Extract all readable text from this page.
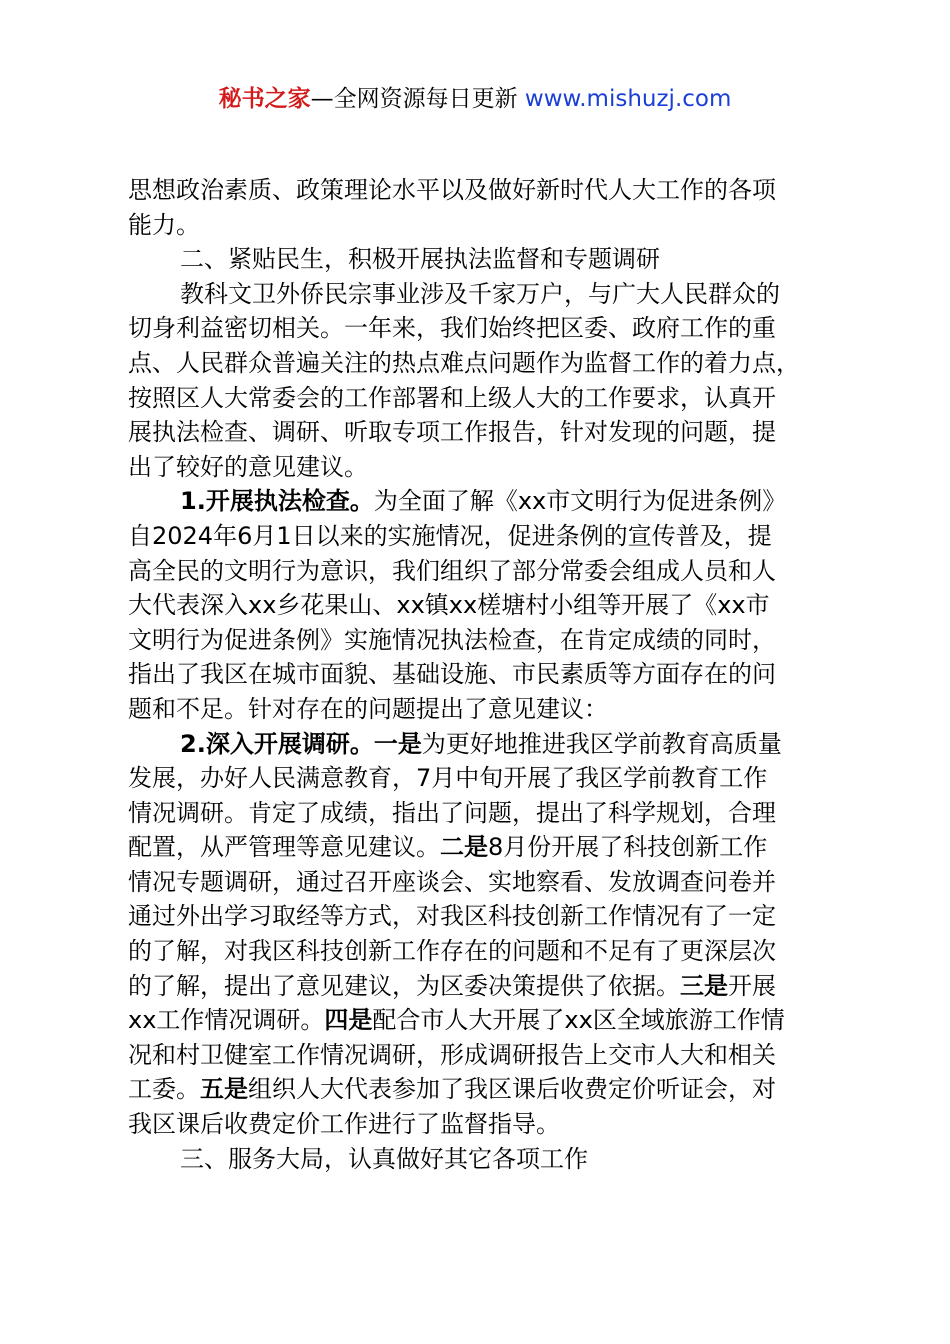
秘书之家—全网资源每日更新 www.mishuzj.com
思想政治素质、政策理论水平以及做好新时代人大工作的各项
能力。
二、紧贴民生，积极开展执法监督和专题调研
教科文卫外侨民宗事业涉及千家万户，与广大人民群众的
切身利益密切相关。一年来，我们始终把区委、政府工作的重
点、人民群众普遍关注的热点难点问题作为监督工作的着力点，
按照区人大常委会的工作部署和上级人大的工作要求，认真开
展执法检查、调研、听取专项工作报告，针对发现的问题，提
出了较好的意见建议。
1.开展执法检查。为全面了解《xx市文明行为促进条例》
自2024年6月1日以来的实施情况，促进条例的宣传普及，提
高全民的文明行为意识，我们组织了部分常委会组成人员和人
大代表深入xx乡花果山、xx镇xx槎塘村小组等开展了《xx市
文明行为促进条例》实施情况执法检查，在肯定成绩的同时，
指出了我区在城市面貌、基础设施、市民素质等方面存在的问
题和不足。针对存在的问题提出了意见建议：
2.深入开展调研。一是为更好地推进我区学前教育高质量
发展，办好人民满意教育，7月中旬开展了我区学前教育工作
情况调研。肯定了成绩，指出了问题，提出了科学规划，合理
配置，从严管理等意见建议。二是8月份开展了科技创新工作
情况专题调研，通过召开座谈会、实地察看、发放调查问卷并
通过外出学习取经等方式，对我区科技创新工作情况有了一定
的了解，对我区科技创新工作存在的问题和不足有了更深层次
的了解，提出了意见建议，为区委决策提供了依据。三是开展
xx工作情况调研。四是配合市人大开展了xx区全域旅游工作情
况和村卫健室工作情况调研，形成调研报告上交市人大和相关
工委。五是组织人大代表参加了我区课后收费定价听证会，对
我区课后收费定价工作进行了监督指导。
三、服务大局，认真做好其它各项工作
